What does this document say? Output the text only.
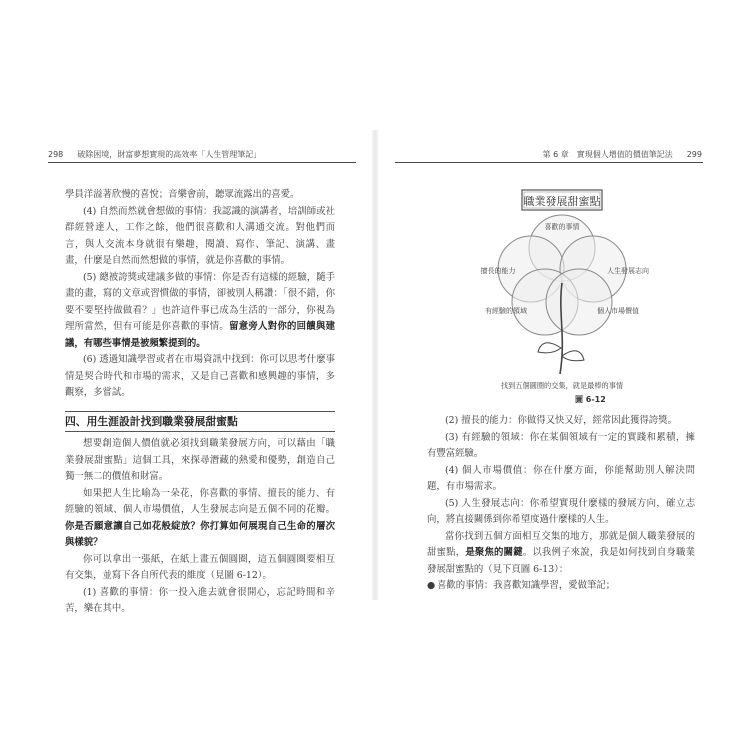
298 破除困境，財富夢想實現的高效率「人生管理筆記」

學員洋溢著欣慢的喜悅；音樂會前，聽眾流露出的喜愛。

(4) 自然而然就會想做的事情：我認識的演講者，培訓師或社群經營達人，工作之餘，他們很喜歡和人溝通交流。對他們而言，與人交流本身就很有樂趣，閱讀、寫作、筆記、演講、畫畫，什麼是自然而然想做的事情，就是你喜歡的事情。

(5) 總被誇獎或建議多做的事情：你是否有這樣的經驗，隨手畫的畫，寫的文章或習慣做的事情，卻被別人稱讚：「很不錯，你要不要堅持做做看？」也許這件事已成為生活的一部分，你視為理所當然，但有可能是你喜歡的事情。留意旁人對你的回饋與建議，有哪些事情是被頻繁提到的。

(6) 透過知識學習或者在市場資訊中找到：你可以思考什麼事情是契合時代和市場的需求，又是自己喜歡和感興趣的事情，多觀察，多嘗試。

四、用生涯設計找到職業發展甜蜜點

想要創造個人價值就必須找到職業發展方向，可以藉由「職業發展甜蜜點」這個工具，來探尋潛藏的熱愛和優勢，創造自己獨一無二的價值和財富。

如果把人生比喻為一朵花，你喜歡的事情、擅長的能力、有經驗的領域、個人市場價值，人生發展志向是五個不同的花瓣。你是否願意讓自己如花般綻放？你打算如何展現自己生命的層次與樣貌？

你可以拿出一張紙，在紙上畫五個圓圈，這五個圓圈要相互有交集，並寫下各自所代表的維度（見圖 6-12）。

(1) 喜歡的事情：你一投入進去就會很開心，忘記時間和辛苦，樂在其中。

第 6 章　實現個人增值的價值筆記法 299
職業發展甜蜜點
喜歡的事情
擅長的能力	人生發展志向
有經驗的領域	個人市場價值
找到五個圓圈的交集，就是最棒的事情
圖 6-12

(2) 擅長的能力：你做得又快又好，經常因此獲得誇獎。

(3) 有經驗的領域：你在某個領域有一定的實踐和累積，擁有豐富經驗。

(4) 個人市場價值：你在什麼方面，你能幫助別人解決問題，有市場需求。

(5) 人生發展志向：你希望實現什麼樣的發展方向，確立志向，將直接關係到你希望度過什麼樣的人生。

當你找到五個方面相互交集的地方，那就是個人職業發展的甜蜜點，是聚焦的關鍵。以我例子來說，我是如何找到自身職業發展甜蜜點的（見下頁圖 6-13）：

● 喜歡的事情：我喜歡知識學習，愛做筆記；
